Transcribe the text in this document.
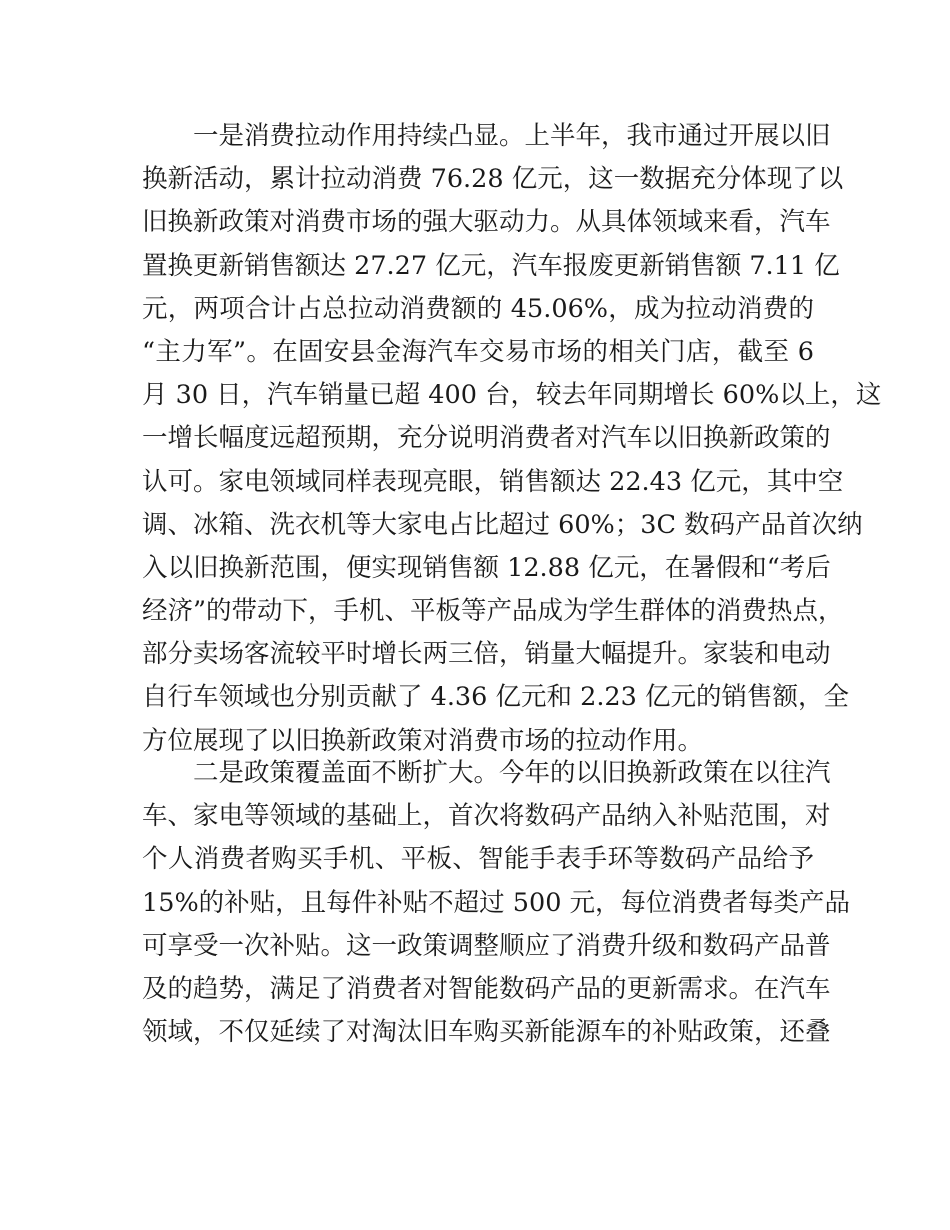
　　一是消费拉动作用持续凸显。上半年，我市通过开展以旧
换新活动，累计拉动消费 76.28 亿元，这一数据充分体现了以
旧换新政策对消费市场的强大驱动力。从具体领域来看，汽车
置换更新销售额达 27.27 亿元，汽车报废更新销售额 7.11 亿
元，两项合计占总拉动消费额的 45.06%，成为拉动消费的
“主力军”。在固安县金海汽车交易市场的相关门店，截至 6
月 30 日，汽车销量已超 400 台，较去年同期增长 60%以上，这
一增长幅度远超预期，充分说明消费者对汽车以旧换新政策的
认可。家电领域同样表现亮眼，销售额达 22.43 亿元，其中空
调、冰箱、洗衣机等大家电占比超过 60%；3C 数码产品首次纳
入以旧换新范围，便实现销售额 12.88 亿元，在暑假和“考后
经济”的带动下，手机、平板等产品成为学生群体的消费热点，
部分卖场客流较平时增长两三倍，销量大幅提升。家装和电动
自行车领域也分别贡献了 4.36 亿元和 2.23 亿元的销售额，全
方位展现了以旧换新政策对消费市场的拉动作用。
　　二是政策覆盖面不断扩大。今年的以旧换新政策在以往汽
车、家电等领域的基础上，首次将数码产品纳入补贴范围，对
个人消费者购买手机、平板、智能手表手环等数码产品给予
15%的补贴，且每件补贴不超过 500 元，每位消费者每类产品
可享受一次补贴。这一政策调整顺应了消费升级和数码产品普
及的趋势，满足了消费者对智能数码产品的更新需求。在汽车
领域，不仅延续了对淘汰旧车购买新能源车的补贴政策，还叠
